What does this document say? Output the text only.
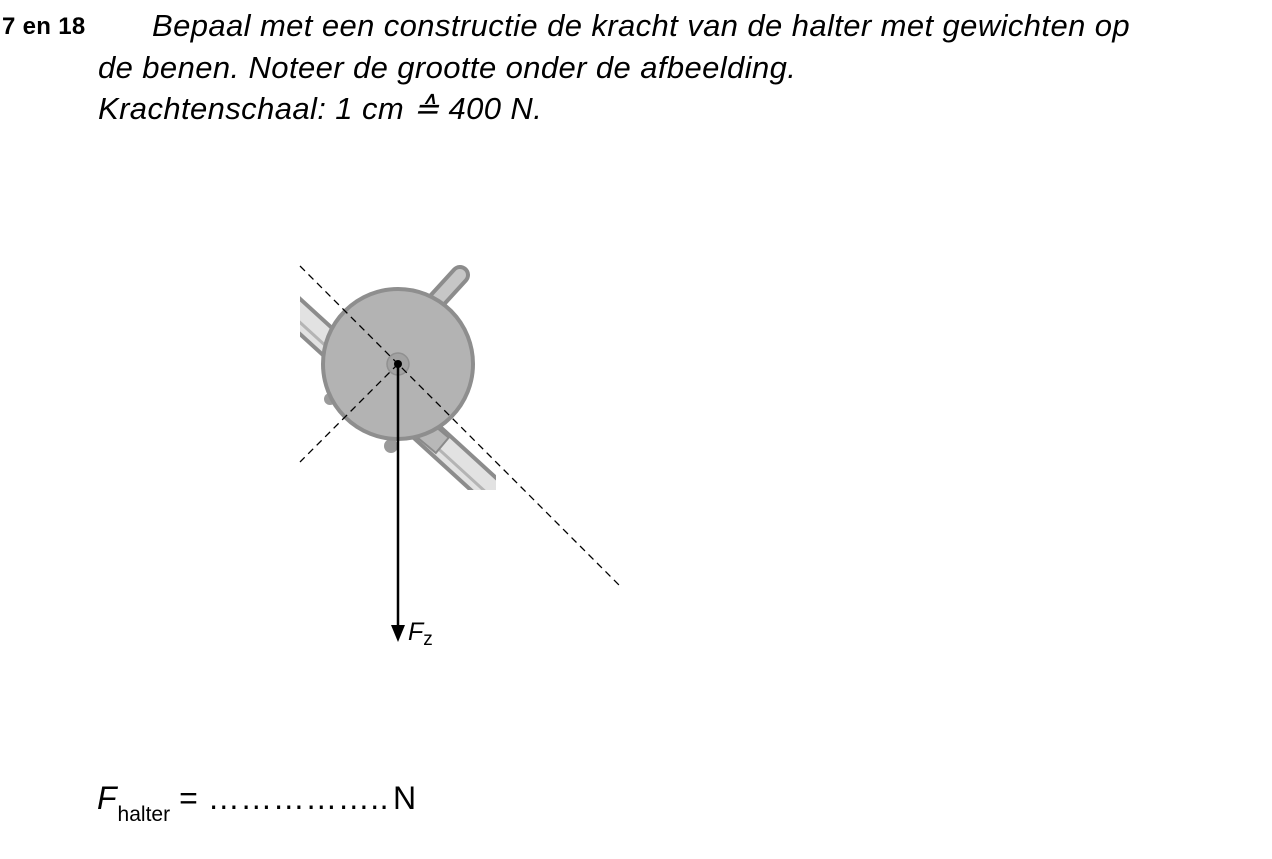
7 en 18 Bepaal met een constructie de kracht van de halter met gewichten op
de benen. Noteer de grootte onder de afbeelding.
Krachtenschaal: 1 cm ≙ 400 N.
$F_z$
$F_{halter}$ = …………….. N
